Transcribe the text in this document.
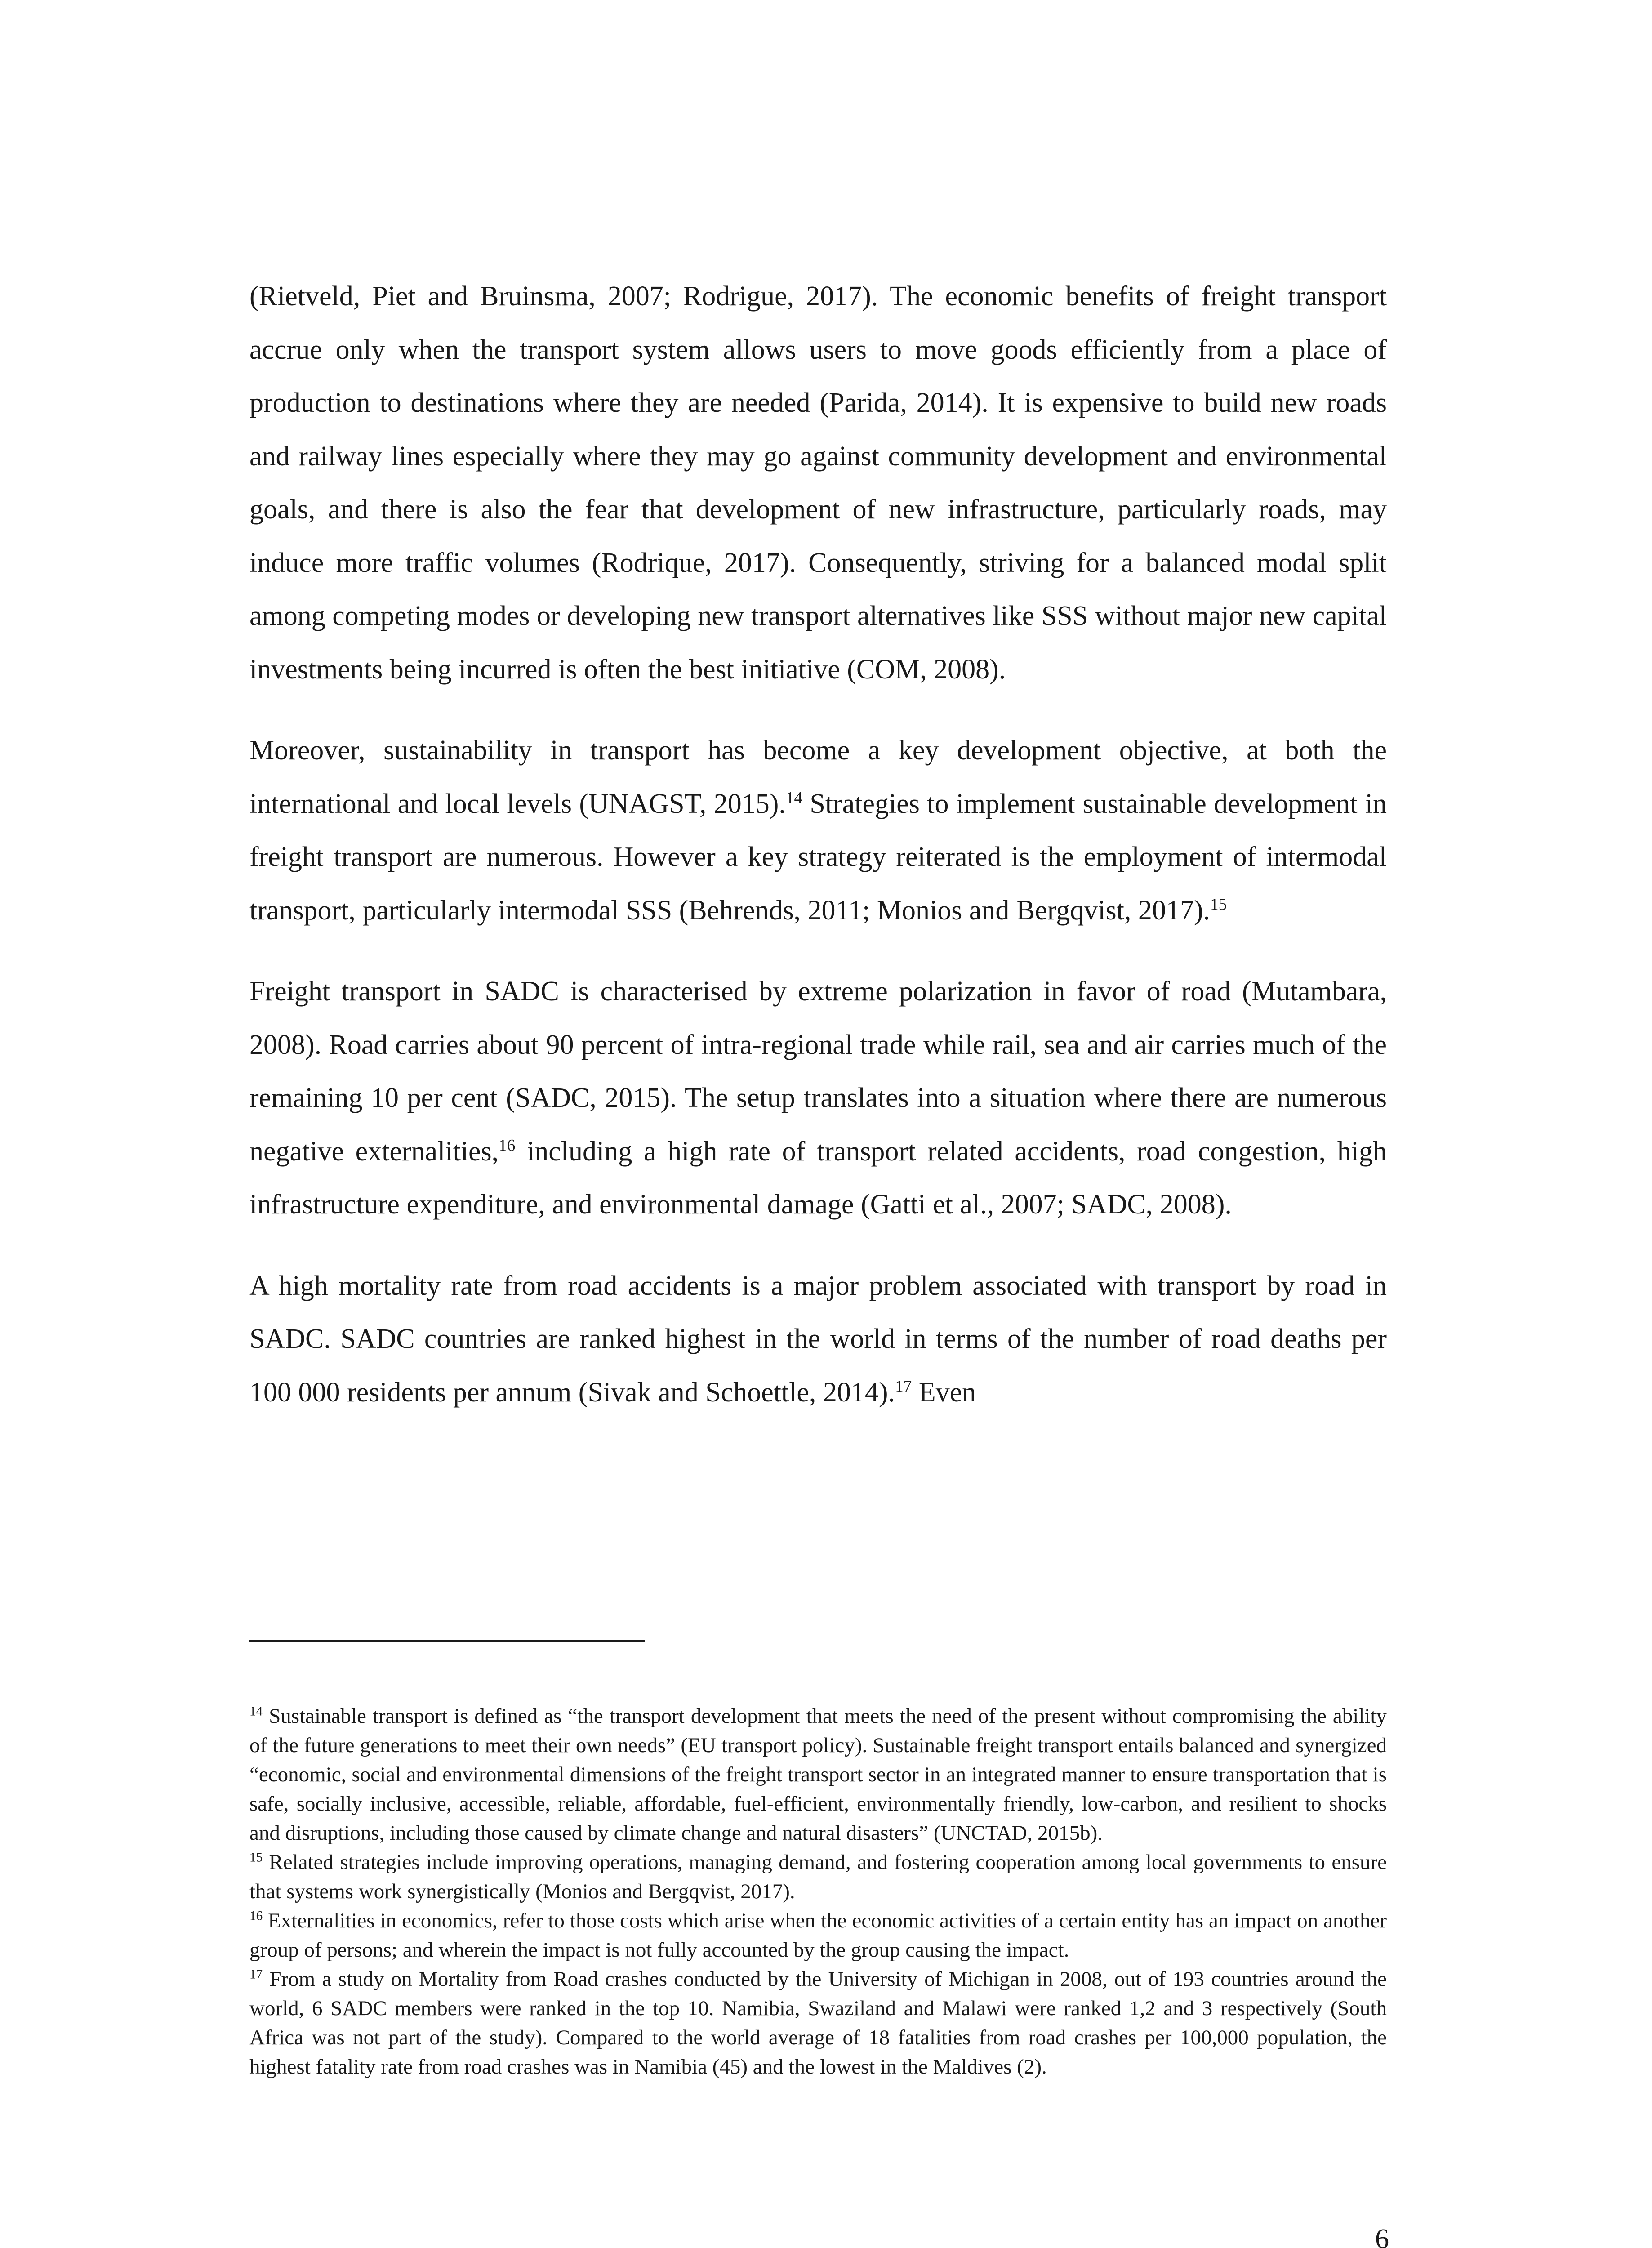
(Rietveld, Piet and Bruinsma, 2007; Rodrigue, 2017). The economic benefits of freight transport accrue only when the transport system allows users to move goods efficiently from a place of production to destinations where they are needed (Parida, 2014). It is expensive to build new roads and railway lines especially where they may go against community development and environmental goals, and there is also the fear that development of new infrastructure, particularly roads, may induce more traffic volumes (Rodrique, 2017). Consequently, striving for a balanced modal split among competing modes or developing new transport alternatives like SSS without major new capital investments being incurred is often the best initiative (COM, 2008).

Moreover, sustainability in transport has become a key development objective, at both the international and local levels (UNAGST, 2015).$^{14}$ Strategies to implement sustainable development in freight transport are numerous. However a key strategy reiterated is the employment of intermodal transport, particularly intermodal SSS (Behrends, 2011; Monios and Bergqvist, 2017).$^{15}$

Freight transport in SADC is characterised by extreme polarization in favor of road (Mutambara, 2008). Road carries about 90 percent of intra-regional trade while rail, sea and air carries much of the remaining 10 per cent (SADC, 2015). The setup translates into a situation where there are numerous negative externalities,$^{16}$ including a high rate of transport related accidents, road congestion, high infrastructure expenditure, and environmental damage (Gatti et al., 2007; SADC, 2008).

A high mortality rate from road accidents is a major problem associated with transport by road in SADC. SADC countries are ranked highest in the world in terms of the number of road deaths per 100 000 residents per annum (Sivak and Schoettle, 2014).$^{17}$ Even

$^{14}$ Sustainable transport is defined as “the transport development that meets the need of the present without compromising the ability of the future generations to meet their own needs” (EU transport policy). Sustainable freight transport entails balanced and synergized “economic, social and environmental dimensions of the freight transport sector in an integrated manner to ensure transportation that is safe, socially inclusive, accessible, reliable, affordable, fuel-efficient, environmentally friendly, low-carbon, and resilient to shocks and disruptions, including those caused by climate change and natural disasters” (UNCTAD, 2015b).

$^{15}$ Related strategies include improving operations, managing demand, and fostering cooperation among local governments to ensure that systems work synergistically (Monios and Bergqvist, 2017).

$^{16}$ Externalities in economics, refer to those costs which arise when the economic activities of a certain entity has an impact on another group of persons; and wherein the impact is not fully accounted by the group causing the impact.

$^{17}$ From a study on Mortality from Road crashes conducted by the University of Michigan in 2008, out of 193 countries around the world, 6 SADC members were ranked in the top 10. Namibia, Swaziland and Malawi were ranked 1,2 and 3 respectively (South Africa was not part of the study). Compared to the world average of 18 fatalities from road crashes per 100,000 population, the highest fatality rate from road crashes was in Namibia (45) and the lowest in the Maldives (2).

6
